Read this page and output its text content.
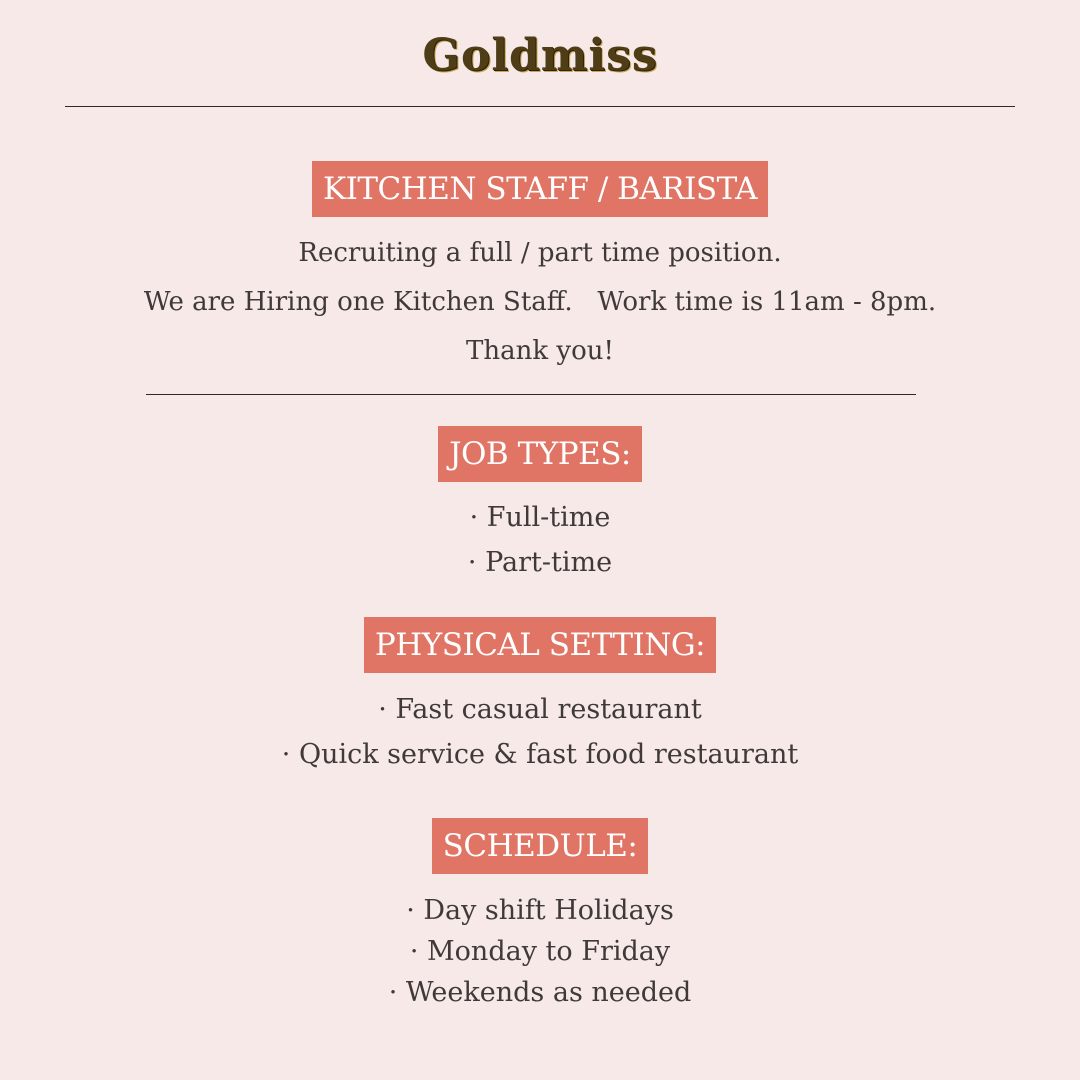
Goldmiss
KITCHEN STAFF / BARISTA
Recruiting a full / part time position.
We are Hiring one Kitchen Staff.   Work time is 11am - 8pm.
Thank you!
JOB TYPES:
· Full-time
· Part-time
PHYSICAL SETTING:
· Fast casual restaurant
· Quick service & fast food restaurant
SCHEDULE:
· Day shift Holidays
· Monday to Friday
· Weekends as needed
